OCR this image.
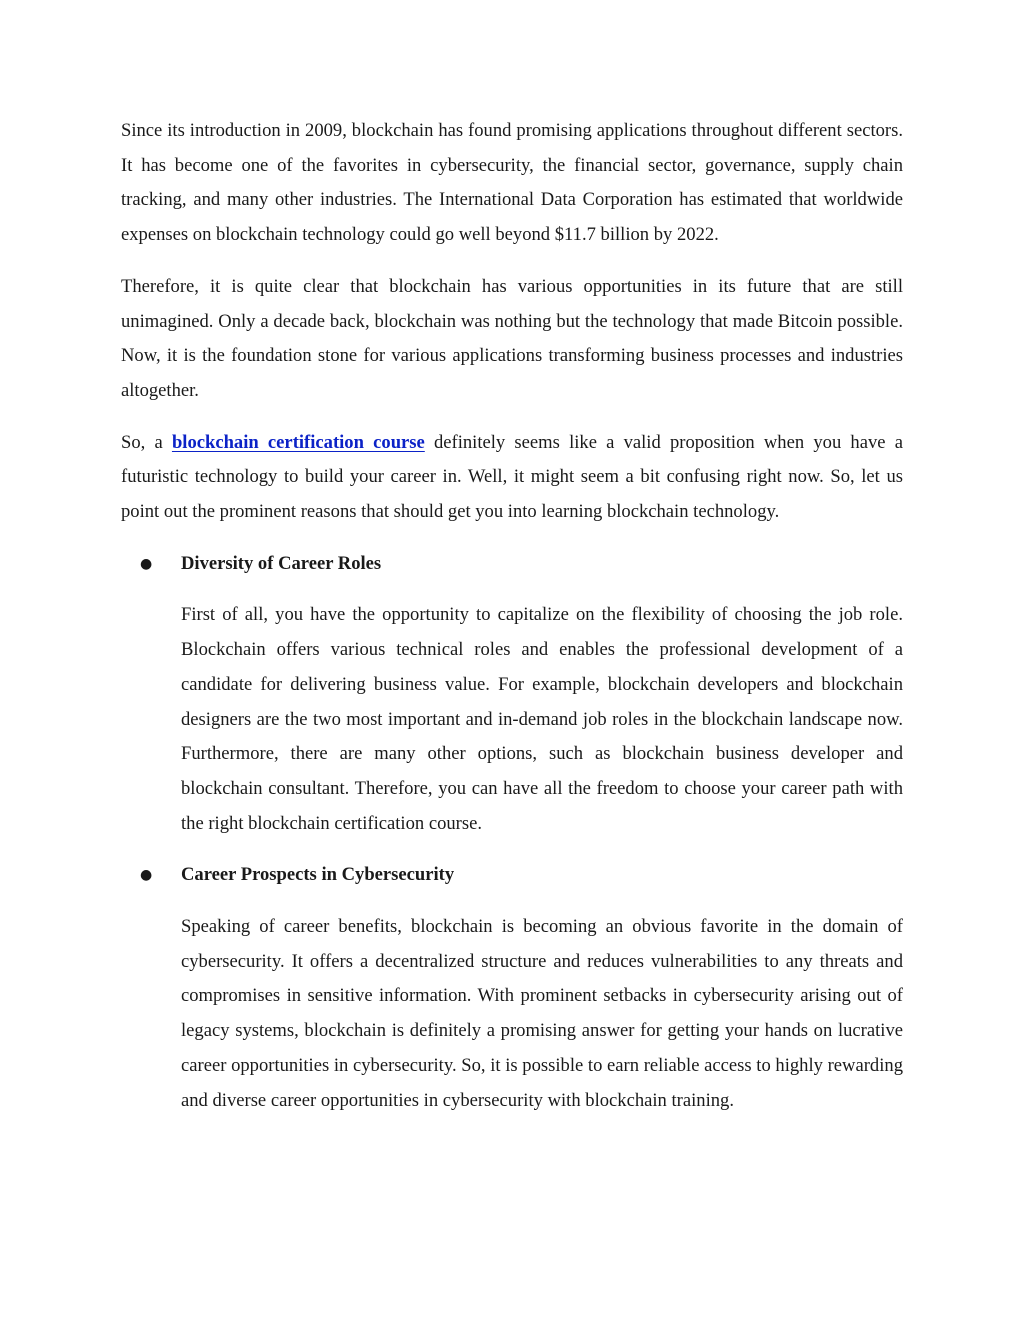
Since its introduction in 2009, blockchain has found promising applications throughout different sectors. It has become one of the favorites in cybersecurity, the financial sector, governance, supply chain tracking, and many other industries. The International Data Corporation has estimated that worldwide expenses on blockchain technology could go well beyond $11.7 billion by 2022.

Therefore, it is quite clear that blockchain has various opportunities in its future that are still unimagined. Only a decade back, blockchain was nothing but the technology that made Bitcoin possible. Now, it is the foundation stone for various applications transforming business processes and industries altogether.

So, a blockchain certification course definitely seems like a valid proposition when you have a futuristic technology to build your career in. Well, it might seem a bit confusing right now. So, let us point out the prominent reasons that should get you into learning blockchain technology.

● Diversity of Career Roles

First of all, you have the opportunity to capitalize on the flexibility of choosing the job role. Blockchain offers various technical roles and enables the professional development of a candidate for delivering business value. For example, blockchain developers and blockchain designers are the two most important and in-demand job roles in the blockchain landscape now. Furthermore, there are many other options, such as blockchain business developer and blockchain consultant. Therefore, you can have all the freedom to choose your career path with the right blockchain certification course.

● Career Prospects in Cybersecurity

Speaking of career benefits, blockchain is becoming an obvious favorite in the domain of cybersecurity. It offers a decentralized structure and reduces vulnerabilities to any threats and compromises in sensitive information. With prominent setbacks in cybersecurity arising out of legacy systems, blockchain is definitely a promising answer for getting your hands on lucrative career opportunities in cybersecurity. So, it is possible to earn reliable access to highly rewarding and diverse career opportunities in cybersecurity with blockchain training.
